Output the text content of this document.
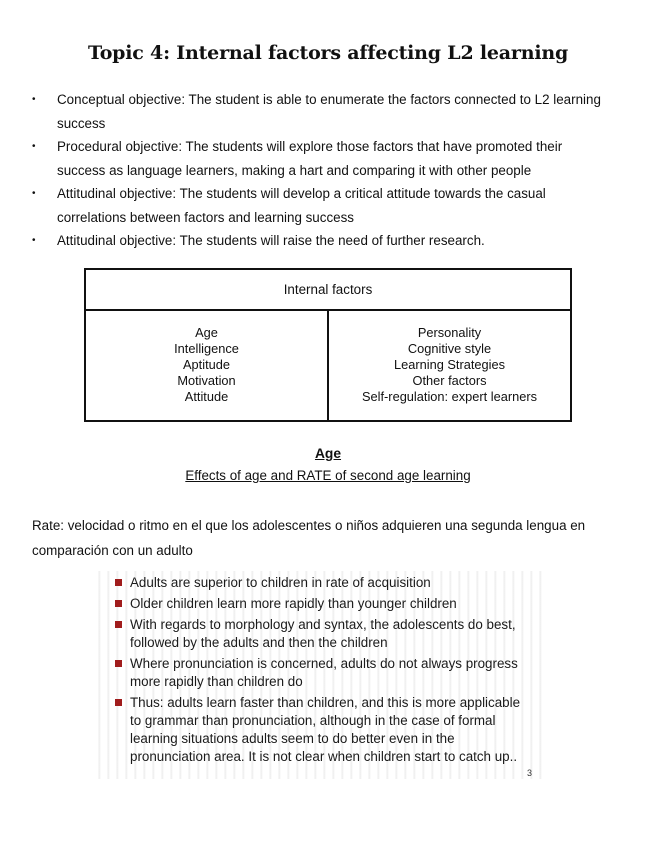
Topic 4: Internal factors affecting L2 learning
• Conceptual objective: The student is able to enumerate the factors connected to L2 learning success
• Procedural objective: The students will explore those factors that have promoted their success as language learners, making a hart and comparing it with other people
• Attitudinal objective: The students will develop a critical attitude towards the casual correlations between factors and learning success
• Attitudinal objective: The students will raise the need of further research.
Internal factors
Age
Intelligence
Aptitude
Motivation
Attitude
Personality
Cognitive style
Learning Strategies
Other factors
Self-regulation: expert learners
Age
Effects of age and RATE of second age learning
Rate: velocidad o ritmo en el que los adolescentes o niños adquieren una segunda lengua en comparación con un adulto
Adults are superior to children in rate of acquisition
Older children learn more rapidly than younger children
With regards to morphology and syntax, the adolescents do best, followed by the adults and then the children
Where pronunciation is concerned, adults do not always progress more rapidly than children do
Thus: adults learn faster than children, and this is more applicable to grammar than pronunciation, although in the case of formal learning situations adults seem to do better even in the pronunciation area. It is not clear when children start to catch up..
3
